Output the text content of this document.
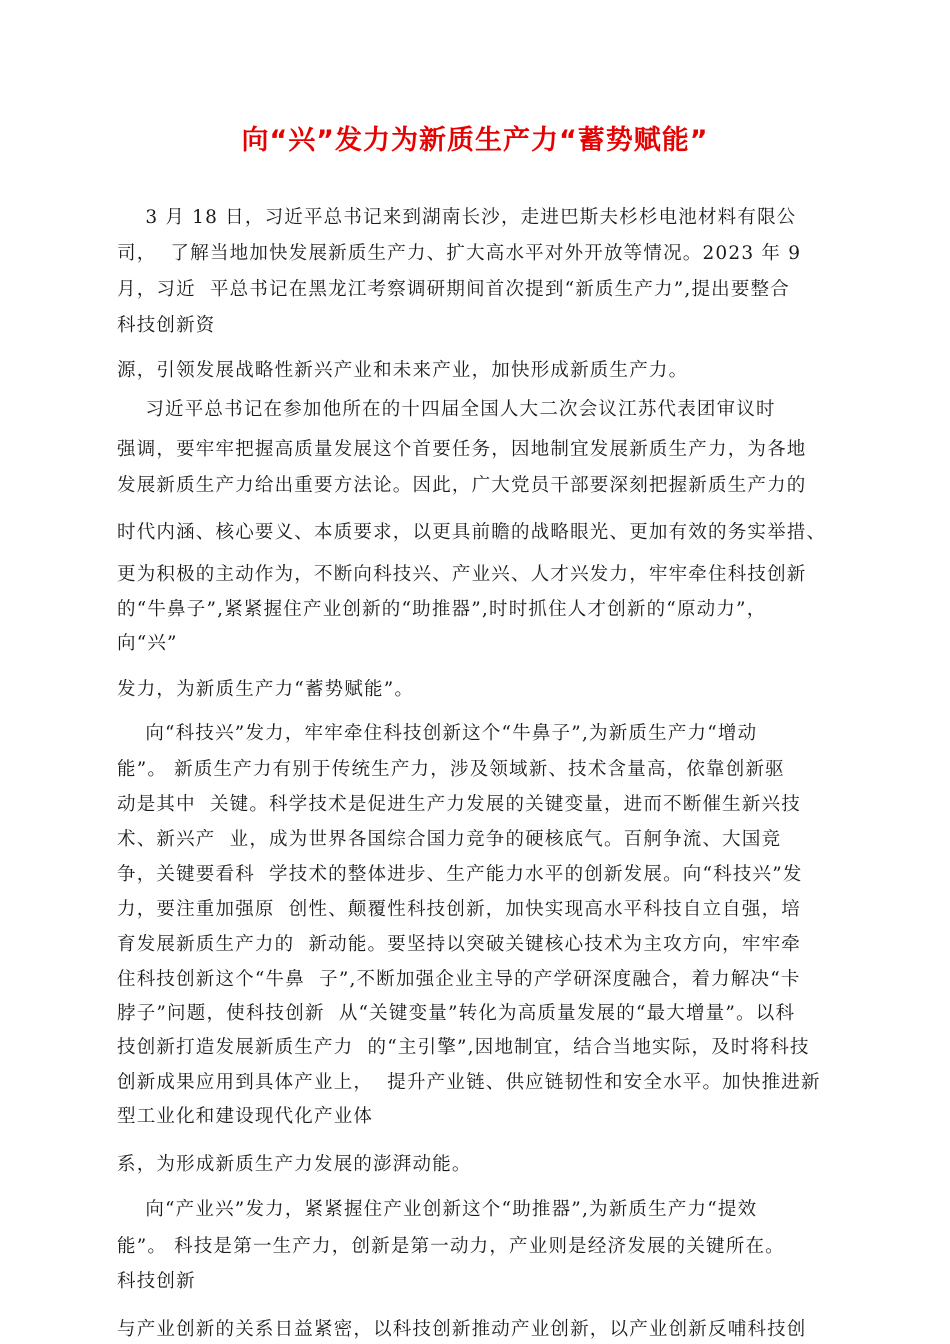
向“兴”发力为新质生产力“蓄势赋能”
3 月 18 日，习近平总书记来到湖南长沙，走进巴斯夫杉杉电池材料有限公
司，  了解当地加快发展新质生产力、扩大高水平对外开放等情况。2023 年 9
月，习近  平总书记在黑龙江考察调研期间首次提到“新质生产力”,提出要整合
科技创新资
源，引领发展战略性新兴产业和未来产业，加快形成新质生产力。
习近平总书记在参加他所在的十四届全国人大二次会议江苏代表团审议时
强调，要牢牢把握高质量发展这个首要任务，因地制宜发展新质生产力，为各地
发展新质生产力给出重要方法论。因此，广大党员干部要深刻把握新质生产力的
时代内涵、核心要义、本质要求，以更具前瞻的战略眼光、更加有效的务实举措、
更为积极的主动作为，不断向科技兴、产业兴、人才兴发力，牢牢牵住科技创新
的“牛鼻子”,紧紧握住产业创新的“助推器”,时时抓住人才创新的“原动力”，
向“兴”
发力，为新质生产力“蓄势赋能”。
向“科技兴”发力，牢牢牵住科技创新这个“牛鼻子”,为新质生产力“增动
能”。 新质生产力有别于传统生产力，涉及领域新、技术含量高，依靠创新驱
动是其中  关键。科学技术是促进生产力发展的关键变量，进而不断催生新兴技
术、新兴产  业，成为世界各国综合国力竞争的硬核底气。百舸争流、大国竞
争，关键要看科  学技术的整体进步、生产能力水平的创新发展。向“科技兴”发
力，要注重加强原  创性、颠覆性科技创新，加快实现高水平科技自立自强，培
育发展新质生产力的  新动能。要坚持以突破关键核心技术为主攻方向，牢牢牵
住科技创新这个“牛鼻  子”,不断加强企业主导的产学研深度融合，着力解决“卡
脖子”问题，使科技创新  从“关键变量”转化为高质量发展的“最大增量”。以科
技创新打造发展新质生产力  的“主引擎”,因地制宜，结合当地实际，及时将科技
创新成果应用到具体产业上，  提升产业链、供应链韧性和安全水平。加快推进新
型工业化和建设现代化产业体
系，为形成新质生产力发展的澎湃动能。
向“产业兴”发力，紧紧握住产业创新这个“助推器”,为新质生产力“提效
能”。 科技是第一生产力，创新是第一动力，产业则是经济发展的关键所在。
科技创新
与产业创新的关系日益紧密，以科技创新推动产业创新，以产业创新反哺科技创
